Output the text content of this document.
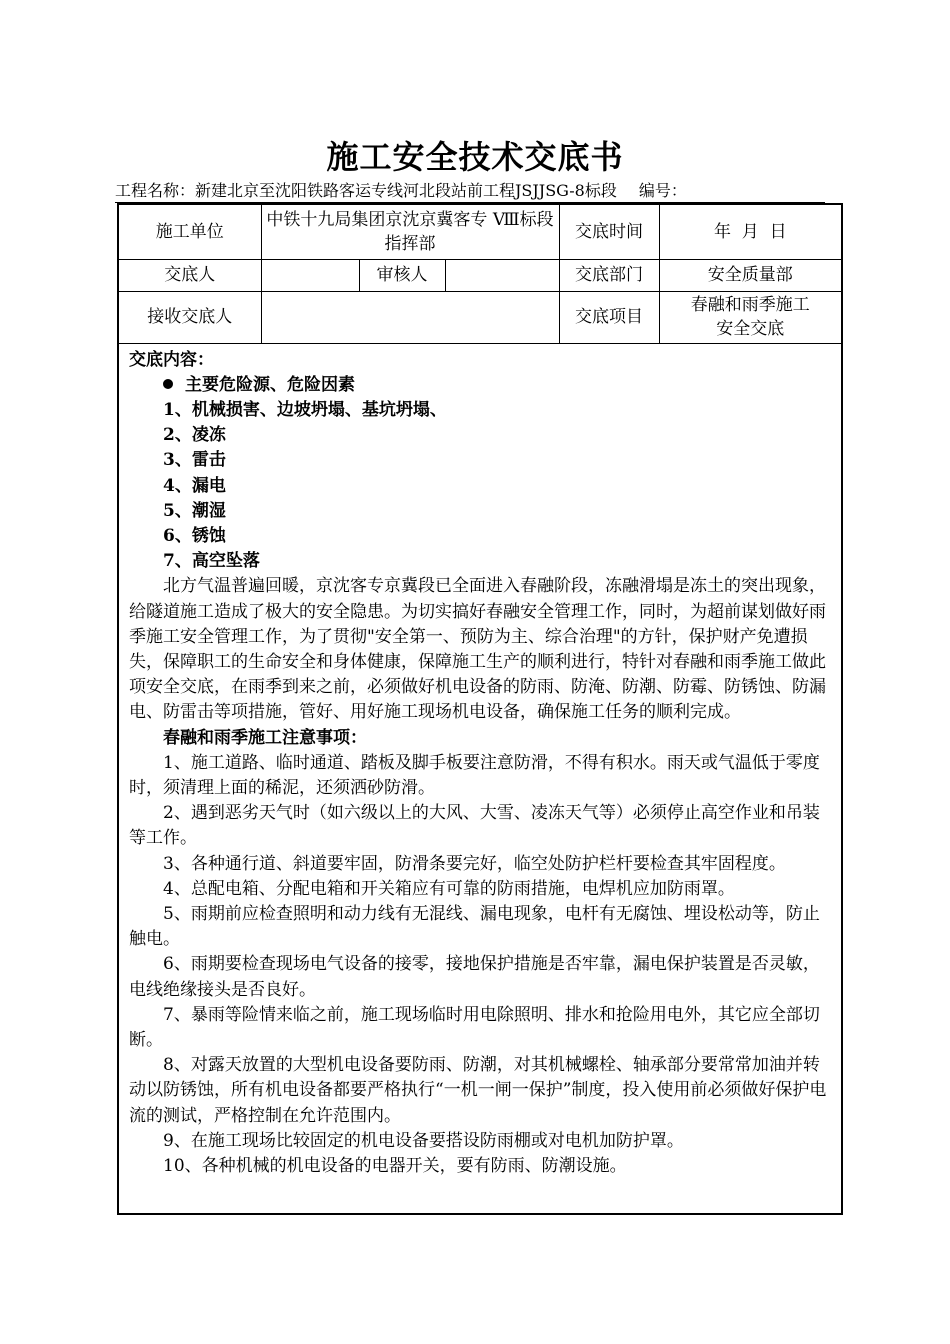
施工安全技术交底书
工程名称：新建北京至沈阳铁路客运专线河北段站前工程JSJJSG-8标段 编号：
施工单位	中铁十九局集团京沈京冀客专 Ⅷ标段指挥部			交底时间	年  月  日
交底人		审核人		交底部门	安全质量部
接收交底人				交底项目	春融和雨季施工安全交底

交底内容：

主要危险源、危险因素

1、机械损害、边坡坍塌、基坑坍塌、

2、凌冻

3、雷击

4、漏电

5、潮湿

6、锈蚀

7、高空坠落

北方气温普遍回暖，京沈客专京冀段已全面进入春融阶段，冻融滑塌是冻土的突出现象，给隧道施工造成了极大的安全隐患。为切实搞好春融安全管理工作，同时，为超前谋划做好雨季施工安全管理工作，为了贯彻"安全第一、预防为主、综合治理"的方针，保护财产免遭损失，保障职工的生命安全和身体健康，保障施工生产的顺利进行，特针对春融和雨季施工做此项安全交底，在雨季到来之前，必须做好机电设备的防雨、防淹、防潮、防霉、防锈蚀、防漏电、防雷击等项措施，管好、用好施工现场机电设备，确保施工任务的顺利完成。

春融和雨季施工注意事项：

1、施工道路、临时通道、踏板及脚手板要注意防滑，不得有积水。雨天或气温低于零度时，须清理上面的稀泥，还须洒砂防滑。

2、遇到恶劣天气时（如六级以上的大风、大雪、凌冻天气等）必须停止高空作业和吊装等工作。

3、各种通行道、斜道要牢固，防滑条要完好，临空处防护栏杆要检查其牢固程度。

4、总配电箱、分配电箱和开关箱应有可靠的防雨措施，电焊机应加防雨罩。

5、雨期前应检查照明和动力线有无混线、漏电现象，电杆有无腐蚀、埋设松动等，防止触电。

6、雨期要检查现场电气设备的接零，接地保护措施是否牢靠，漏电保护装置是否灵敏，电线绝缘接头是否良好。

7、暴雨等险情来临之前，施工现场临时用电除照明、排水和抢险用电外，其它应全部切断。

8、对露天放置的大型机电设备要防雨、防潮，对其机械螺栓、轴承部分要常常加油并转动以防锈蚀，所有机电设备都要严格执行“一机一闸一保护”制度，投入使用前必须做好保护电流的测试，严格控制在允许范围内。

9、在施工现场比较固定的机电设备要搭设防雨棚或对电机加防护罩。

10、各种机械的机电设备的电器开关，要有防雨、防潮设施。
